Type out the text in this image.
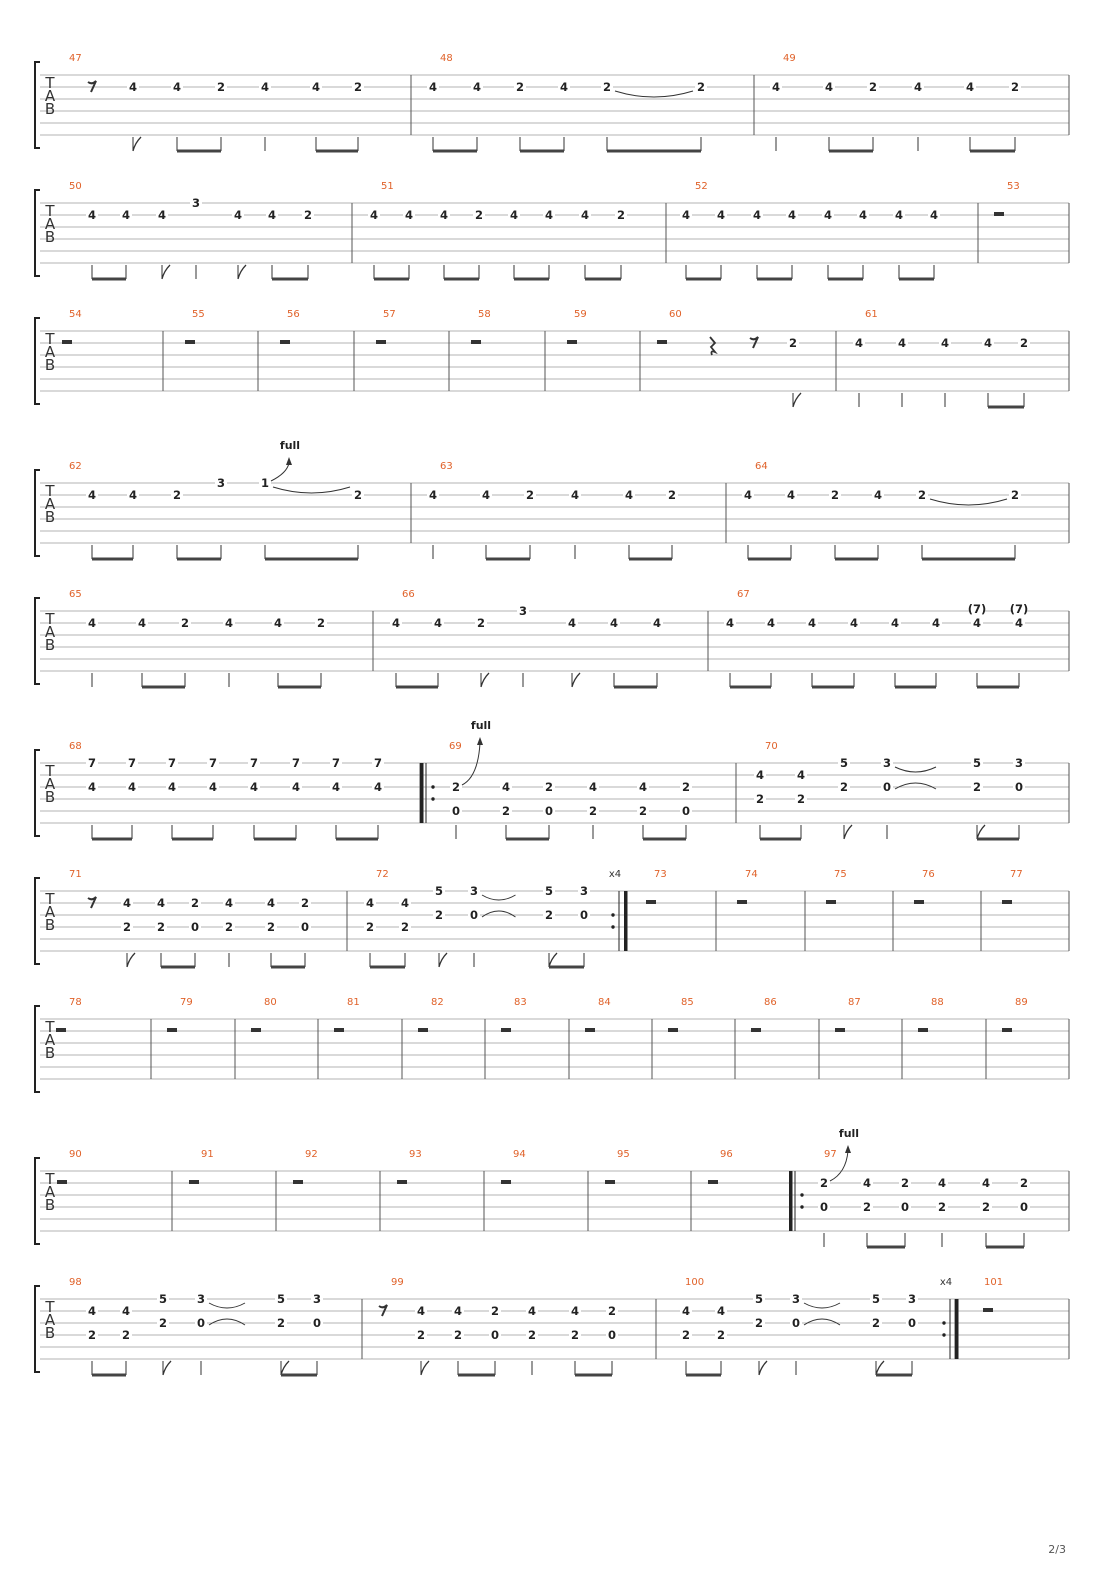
T
A
B
47	48	49
T
A
B
50	51	52	53
T
A
B
54	55	56	57	58	59	60	61
T
A
B
62	63	64
T
A
B
65	66	67
T
A
B
68	69	70
T
A
B
71	72	73	74	75	76	77
T
A
B
78	79	80	81	82	83	84	85	86	87	88	89
T
A
B
90	91	92	93	94	95	96	97
T
A
B
98	99	100	101
4	4	2	4	4	2	4	4	2	4	2	2	4	4	2	4	4	2
4 4 4
3
4 4 2	4 4 4 2 4 4 4 2	4 4 4 4 4 4 4 4
2	4	4	4	4 2
4	4	2
3	1
2
full
4	4	2	4	4	2	4	4	2	4	2	2
4	4	2	4	4	2	4	4	2
3
4	4	4	4	4	4	4	4	4	4	4
(7) (7)
7	7	7	7	7	7	7	7
4	4	4	4	4	4	4	4	2	4	2	4	4	2
0	2	0	2	2	0
full
4	4
5	3	5	3
2	0	2	0
2	2
4 4 2 4	4 2
2 2 0 2	2 0
4 4
5 3	5 3
2 0	2 0
2 2
x4
2	4	2	4	4	2
0	2	0	2	2	0
full
4 4
5	3	5 3
2	0	2 0
2 2
4	4	2	4	4	2
2	2	0	2	2	0
4 4
5	3	5 3
2	0	2 0
2 2
x4
2/3
